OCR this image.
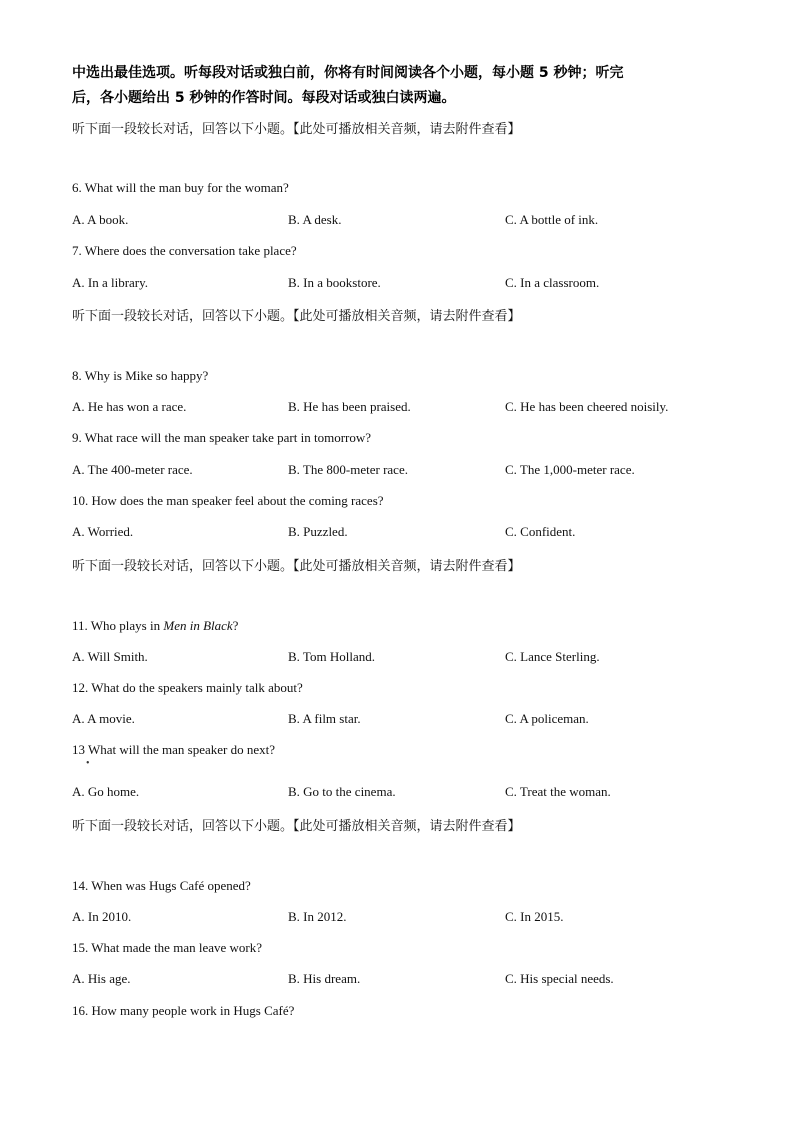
中选出最佳选项。听每段对话或独白前，你将有时间阅读各个小题，每小题 5 秒钟；听完
后，各小题给出 5 秒钟的作答时间。每段对话或独白读两遍。
听下面一段较长对话，回答以下小题。【此处可播放相关音频，请去附件查看】
6. What will the man buy for the woman?
A. A book.	B. A desk.	C. A bottle of ink.
7. Where does the conversation take place?
A. In a library.	B. In a bookstore.	C. In a classroom.
听下面一段较长对话，回答以下小题。【此处可播放相关音频，请去附件查看】
8. Why is Mike so happy?
A. He has won a race.	B. He has been praised.	C. He has been cheered noisily.
9. What race will the man speaker take part in tomorrow?
A. The 400-meter race.	B. The 800-meter race.	C. The 1,000-meter race.
10. How does the man speaker feel about the coming races?
A. Worried.	B. Puzzled.	C. Confident.
听下面一段较长对话，回答以下小题。【此处可播放相关音频，请去附件查看】
11. Who plays in Men in Black?
A. Will Smith.	B. Tom Holland.	C. Lance Sterling.
12. What do the speakers mainly talk about?
A. A movie.	B. A film star.	C. A policeman.
13 What will the man speaker do next?
•
A. Go home.	B. Go to the cinema.	C. Treat the woman.
听下面一段较长对话，回答以下小题。【此处可播放相关音频，请去附件查看】
14. When was Hugs Café opened?
A. In 2010.	B. In 2012.	C. In 2015.
15. What made the man leave work?
A. His age.	B. His dream.	C. His special needs.
16. How many people work in Hugs Café?
